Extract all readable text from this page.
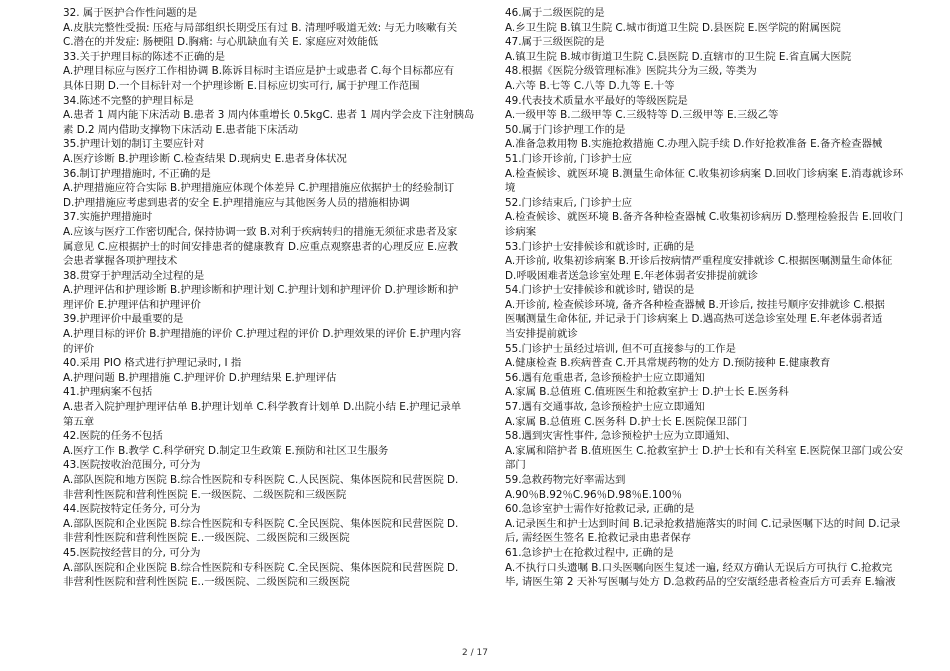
32. 属于医护合作性问题的是
A.皮肤完整性受损: 压疮与局部组织长期受压有过 B. 清理呼吸道无效: 与无力咳嗽有关
C.潜在的并发症: 肠梗阻 D.胸痛: 与心肌缺血有关 E. 家庭应对效能低
33.关于护理目标的陈述不正确的是
A.护理目标应与医疗工作相协调 B.陈诉目标时主语应是护士或患者 C.每个目标都应有
具体日期 D.一个目标针对一个护理诊断 E.目标应切实可行, 属于护理工作范围
34.陈述不完整的护理目标是
A.患者 1 周内能下床活动 B.患者 3 周内体重增长 0.5kgC. 患者 1 周内学会皮下注射胰岛
素 D.2 周内借助支撑物下床活动 E.患者能下床活动
35.护理计划的制订主要应针对
A.医疗诊断 B.护理诊断 C.检查结果 D.现病史 E.患者身体状况
36.制订护理措施时, 不正确的是
A.护理措施应符合实际 B.护理措施应体现个体差异 C.护理措施应依据护士的经验制订
D.护理措施应考虑到患者的安全 E.护理措施应与其他医务人员的措施相协调
37.实施护理措施时
A.应该与医疗工作密切配合, 保持协调一致 B.对利于疾病转归的措施无须征求患者及家
属意见 C.应根据护士的时间安排患者的健康教育 D.应重点观察患者的心理反应 E.应教
会患者掌握各项护理技术
38.贯穿于护理活动全过程的是
A.护理评估和护理诊断 B.护理诊断和护理计划 C.护理计划和护理评价 D.护理诊断和护
理评价 E.护理评估和护理评价
39.护理评价中最重要的是
A.护理目标的评价 B.护理措施的评价 C.护理过程的评价 D.护理效果的评价 E.护理内容
的评价
40.采用 PIO 格式进行护理记录时, I 指
A.护理问题 B.护理措施 C.护理评价 D.护理结果 E.护理评估
41.护理病案不包括
A.患者入院护理护理评估单 B.护理计划单 C.科学教育计划单 D.出院小结 E.护理记录单
第五章
42.医院的任务不包括
A.医疗工作 B.教学 C.科学研究 D.制定卫生政策 E.预防和社区卫生服务
43.医院按收治范围分, 可分为
A.部队医院和地方医院 B.综合性医院和专科医院 C.人民医院、集体医院和民营医院 D.
非营利性医院和营利性医院 E.一级医院、二级医院和三级医院
44.医院按特定任务分, 可分为
A.部队医院和企业医院 B.综合性医院和专科医院 C.全民医院、集体医院和民营医院 D.
非营利性医院和营利性医院 E..一级医院、二级医院和三级医院
45.医院按经营目的分, 可分为
A.部队医院和企业医院 B.综合性医院和专科医院 C.全民医院、集体医院和民营医院 D.
非营利性医院和营利性医院 E..一级医院、二级医院和三级医院
46.属于二级医院的是
A.乡卫生院 B.镇卫生院 C.城市街道卫生院 D.县医院 E.医学院的附属医院
47.属于三级医院的是
A.镇卫生院 B.城市街道卫生院 C.县医院 D.直辖市的卫生院 E.省直属大医院
48.根据《医院分级管理标准》医院共分为三级, 等类为
A.六等 B.七等 C.八等 D.九等 E.十等
49.代表技术质量水平最好的等级医院是
A.一级甲等 B.二级甲等 C.三级特等 D.三级甲等 E.三级乙等
50.属于门诊护理工作的是
A.准备急救用物 B.实施抢救措施 C.办理入院手续 D.作好抢救准备 E.备齐检查器械
51.门诊开诊前, 门诊护士应
A.检查候诊、就医环境 B.测量生命体征 C.收集初诊病案 D.回收门诊病案 E.消毒就诊环
境
52.门诊结束后, 门诊护士应
A.检查候诊、就医环境 B.备齐各种检查器械 C.收集初诊病历 D.整理检验报告 E.回收门
诊病案
53.门诊护士安排候诊和就诊时, 正确的是
A.开诊前, 收集初诊病案 B.开诊后按病情严重程度安排就诊 C.根据医嘱测量生命体征
D.呼吸困难者送急诊室处理 E.年老体弱者安排提前就诊
54.门诊护士安排候诊和就诊时, 错误的是
A.开诊前, 检查候诊环境, 备齐各种检查器械 B.开诊后, 按挂号顺序安排就诊 C.根据
医嘱测量生命体征, 并记录于门诊病案上 D.遇高热可送急诊室处理 E.年老体弱者适
当安排提前就诊
55.门诊护士虽经过培训, 但不可直接参与的工作是
A.健康检查 B.疾病普查 C.开具常规药物的处方 D.预防接种 E.健康教育
56.遇有危重患者, 急诊预检护士应立即通知
A.家属 B.总值班 C.值班医生和抢救室护士 D.护士长 E.医务科
57.遇有交通事故, 急诊预检护士应立即通知
A.家属 B.总值班 C.医务科 D.护士长 E.医院保卫部门
58.遇到灾害性事件, 急诊预检护士应为立即通知、
A.家属和陪护者 B.值班医生 C.抢救室护士 D.护士长和有关科室 E.医院保卫部门或公安
部门
59.急救药物完好率需达到
A.90％B.92％C.96％D.98％E.100％
60.急诊室护士需作好抢救记录, 正确的是
A.记录医生和护士达到时间 B.记录抢救措施落实的时间 C.记录医嘱下达的时间 D.记录
后, 需经医生签名 E.抢救记录由患者保存
61.急诊护士在抢救过程中, 正确的是
A.不执行口头遗嘱 B.口头医嘱向医生复述一遍, 经双方确认无误后方可执行 C.抢救完
毕, 请医生第 2 天补写医嘱与处方 D.急救药品的空安瓿经患者检查后方可丢弃 E.输液
2 / 17
